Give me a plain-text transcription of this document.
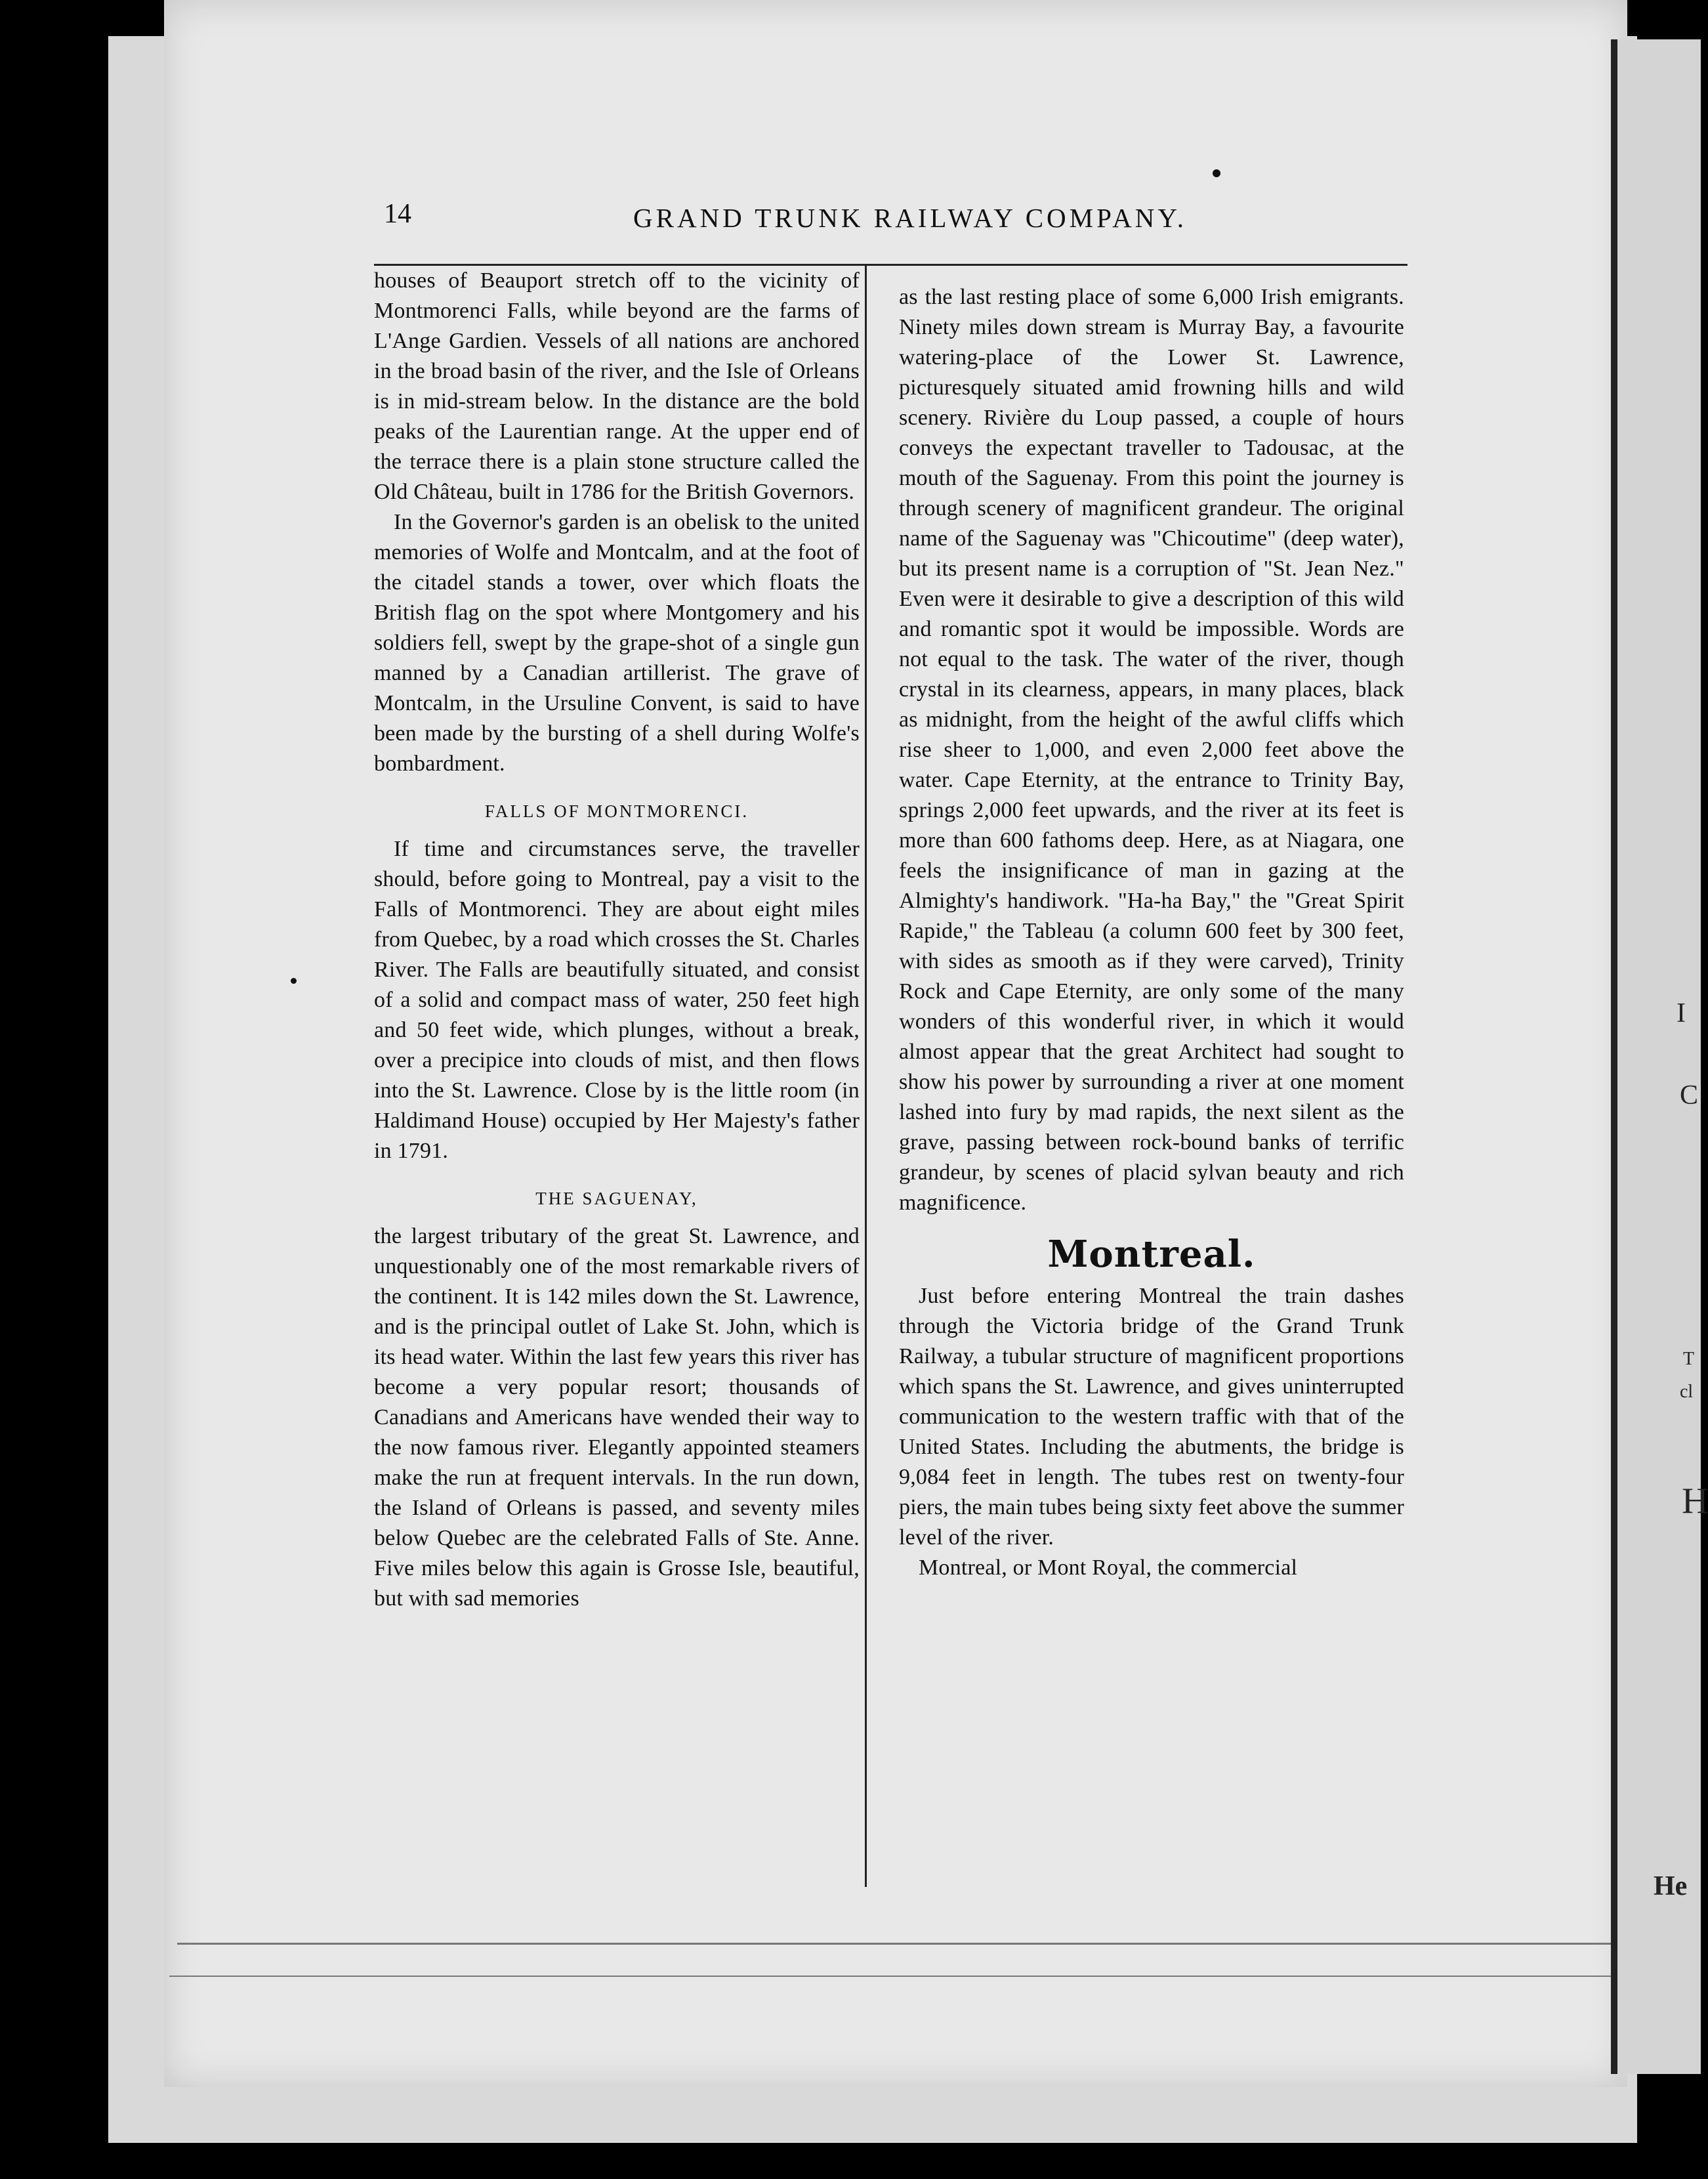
I
C
T
cl
H
He
14	GRAND TRUNK RAILWAY COMPANY.

houses of Beauport stretch off to the vicinity of Montmorenci Falls, while beyond are the farms of L'Ange Gardien. Vessels of all nations are anchored in the broad basin of the river, and the Isle of Orleans is in mid-stream below. In the distance are the bold peaks of the Laurentian range. At the upper end of the terrace there is a plain stone structure called the Old Château, built in 1786 for the British Governors.

In the Governor's garden is an obelisk to the united memories of Wolfe and Montcalm, and at the foot of the citadel stands a tower, over which floats the British flag on the spot where Montgomery and his soldiers fell, swept by the grape-shot of a single gun manned by a Canadian artillerist. The grave of Montcalm, in the Ursuline Convent, is said to have been made by the bursting of a shell during Wolfe's bombardment.

FALLS OF MONTMORENCI.

If time and circumstances serve, the traveller should, before going to Montreal, pay a visit to the Falls of Montmorenci. They are about eight miles from Quebec, by a road which crosses the St. Charles River. The Falls are beautifully situated, and consist of a solid and compact mass of water, 250 feet high and 50 feet wide, which plunges, without a break, over a precipice into clouds of mist, and then flows into the St. Lawrence. Close by is the little room (in Haldimand House) occupied by Her Majesty's father in 1791.

THE SAGUENAY,

the largest tributary of the great St. Lawrence, and unquestionably one of the most remarkable rivers of the continent. It is 142 miles down the St. Lawrence, and is the principal outlet of Lake St. John, which is its head water. Within the last few years this river has become a very popular resort; thousands of Canadians and Americans have wended their way to the now famous river. Elegantly appointed steamers make the run at frequent intervals. In the run down, the Island of Orleans is passed, and seventy miles below Quebec are the celebrated Falls of Ste. Anne. Five miles below this again is Grosse Isle, beautiful, but with sad memories

as the last resting place of some 6,000 Irish emigrants. Ninety miles down stream is Murray Bay, a favourite watering-place of the Lower St. Lawrence, picturesquely situated amid frowning hills and wild scenery. Rivière du Loup passed, a couple of hours conveys the expectant traveller to Tadousac, at the mouth of the Saguenay. From this point the journey is through scenery of magnificent grandeur. The original name of the Saguenay was "Chicoutime" (deep water), but its present name is a corruption of "St. Jean Nez." Even were it desirable to give a description of this wild and romantic spot it would be impossible. Words are not equal to the task. The water of the river, though crystal in its clearness, appears, in many places, black as midnight, from the height of the awful cliffs which rise sheer to 1,000, and even 2,000 feet above the water. Cape Eternity, at the entrance to Trinity Bay, springs 2,000 feet upwards, and the river at its feet is more than 600 fathoms deep. Here, as at Niagara, one feels the insignificance of man in gazing at the Almighty's handiwork. "Ha-ha Bay," the "Great Spirit Rapide," the Tableau (a column 600 feet by 300 feet, with sides as smooth as if they were carved), Trinity Rock and Cape Eternity, are only some of the many wonders of this wonderful river, in which it would almost appear that the great Architect had sought to show his power by surrounding a river at one moment lashed into fury by mad rapids, the next silent as the grave, passing between rock-bound banks of terrific grandeur, by scenes of placid sylvan beauty and rich magnificence.

Montreal.

Just before entering Montreal the train dashes through the Victoria bridge of the Grand Trunk Railway, a tubular structure of magnificent proportions which spans the St. Lawrence, and gives uninterrupted communication to the western traffic with that of the United States. Including the abutments, the bridge is 9,084 feet in length. The tubes rest on twenty-four piers, the main tubes being sixty feet above the summer level of the river.

Montreal, or Mont Royal, the commercial
